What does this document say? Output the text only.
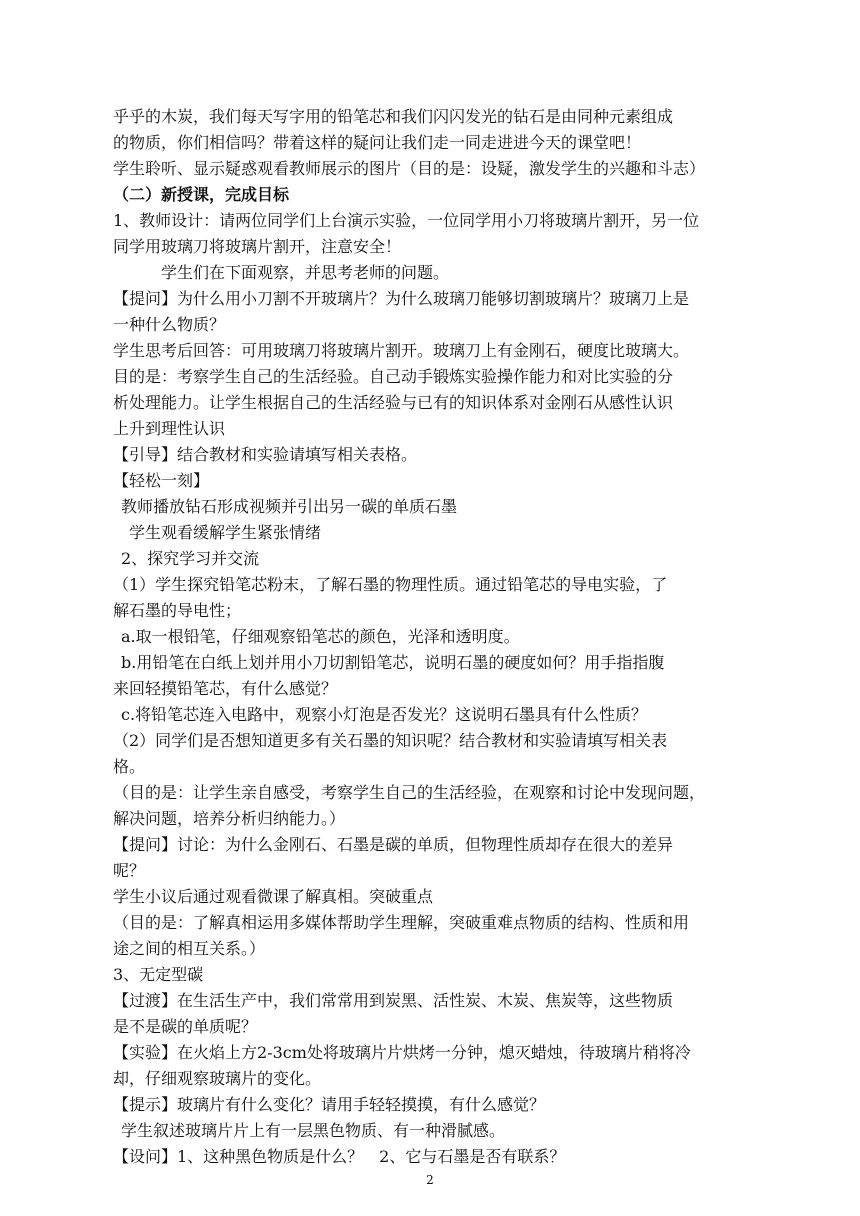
乎乎的木炭，我们每天写字用的铅笔芯和我们闪闪发光的钻石是由同种元素组成
的物质，你们相信吗？带着这样的疑问让我们走一同走进进今天的课堂吧！
学生聆听、显示疑惑观看教师展示的图片（目的是：设疑，激发学生的兴趣和斗志）
（二）新授课，完成目标
1、教师设计：请两位同学们上台演示实验，一位同学用小刀将玻璃片割开，另一位
同学用玻璃刀将玻璃片割开，注意安全！
学生们在下面观察，并思考老师的问题。
【提问】为什么用小刀割不开玻璃片？为什么玻璃刀能够切割玻璃片？玻璃刀上是
一种什么物质？
学生思考后回答：可用玻璃刀将玻璃片割开。玻璃刀上有金刚石，硬度比玻璃大。
目的是：考察学生自己的生活经验。自己动手锻炼实验操作能力和对比实验的分
析处理能力。让学生根据自己的生活经验与已有的知识体系对金刚石从感性认识
上升到理性认识
【引导】结合教材和实验请填写相关表格。
【轻松一刻】
教师播放钻石形成视频并引出另一碳的单质石墨
学生观看缓解学生紧张情绪
2、探究学习并交流
（1）学生探究铅笔芯粉末，了解石墨的物理性质。通过铅笔芯的导电实验，了
解石墨的导电性；
a.取一根铅笔，仔细观察铅笔芯的颜色，光泽和透明度。
b.用铅笔在白纸上划并用小刀切割铅笔芯，说明石墨的硬度如何？用手指指腹
来回轻摸铅笔芯，有什么感觉？
c.将铅笔芯连入电路中，观察小灯泡是否发光？这说明石墨具有什么性质？
（2）同学们是否想知道更多有关石墨的知识呢？结合教材和实验请填写相关表
格。
（目的是：让学生亲自感受，考察学生自己的生活经验，在观察和讨论中发现问题，
解决问题，培养分析归纳能力。）
【提问】讨论：为什么金刚石、石墨是碳的单质，但物理性质却存在很大的差异
呢？
学生小议后通过观看微课了解真相。突破重点
（目的是：了解真相运用多媒体帮助学生理解，突破重难点物质的结构、性质和用
途之间的相互关系。）
3、无定型碳
【过渡】在生活生产中，我们常常用到炭黑、活性炭、木炭、焦炭等，这些物质
是不是碳的单质呢？
【实验】在火焰上方2-3cm处将玻璃片片烘烤一分钟，熄灭蜡烛，待玻璃片稍将冷
却，仔细观察玻璃片的变化。
【提示】玻璃片有什么变化？请用手轻轻摸摸，有什么感觉？
学生叙述玻璃片片上有一层黑色物质、有一种滑腻感。
【设问】1、这种黑色物质是什么？　2、它与石墨是否有联系？
2
